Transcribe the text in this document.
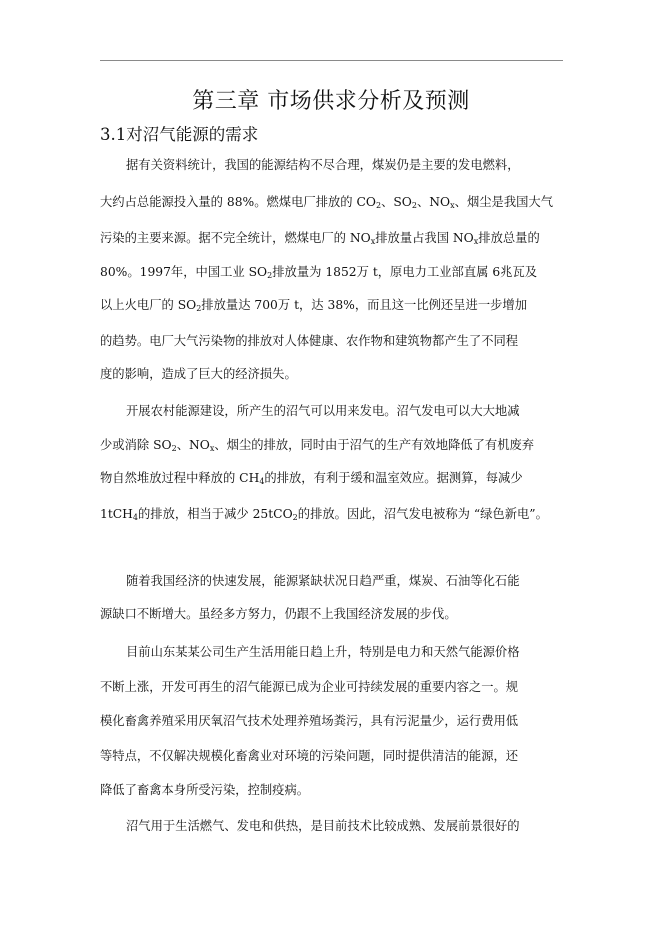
第三章 市场供求分析及预测
3.1对沼气能源的需求
据有关资料统计，我国的能源结构不尽合理，煤炭仍是主要的发电燃料，
大约占总能源投入量的 88%。燃煤电厂排放的 $CO_2$、$SO_2$、$NO_x$、烟尘是我国大气
污染的主要来源。据不完全统计，燃煤电厂的 $NO_x$排放量占我国 $NO_x$排放总量的
80%。1997年，中国工业 $SO_2$排放量为 1852万 t，原电力工业部直属 6兆瓦及
以上火电厂的 $SO_2$排放量达 700万 t，达 38%，而且这一比例还呈进一步增加
的趋势。电厂大气污染物的排放对人体健康、农作物和建筑物都产生了不同程
度的影响，造成了巨大的经济损失。
开展农村能源建设，所产生的沼气可以用来发电。沼气发电可以大大地减
少或消除 $SO_2$、$NO_x$、烟尘的排放，同时由于沼气的生产有效地降低了有机废弃
物自然堆放过程中释放的 $CH_4$的排放，有利于缓和温室效应。据测算，每减少
1tCH$_4$的排放，相当于减少 25tCO$_2$的排放。因此，沼气发电被称为 “绿色新电”。
随着我国经济的快速发展，能源紧缺状况日趋严重，煤炭、石油等化石能
源缺口不断增大。虽经多方努力，仍跟不上我国经济发展的步伐。
目前山东某某公司生产生活用能日趋上升，特别是电力和天然气能源价格
不断上涨，开发可再生的沼气能源已成为企业可持续发展的重要内容之一。规
模化畜禽养殖采用厌氧沼气技术处理养殖场粪污，具有污泥量少，运行费用低
等特点，不仅解决规模化畜禽业对环境的污染问题，同时提供清洁的能源，还
降低了畜禽本身所受污染，控制疫病。
沼气用于生活燃气、发电和供热，是目前技术比较成熟、发展前景很好的
